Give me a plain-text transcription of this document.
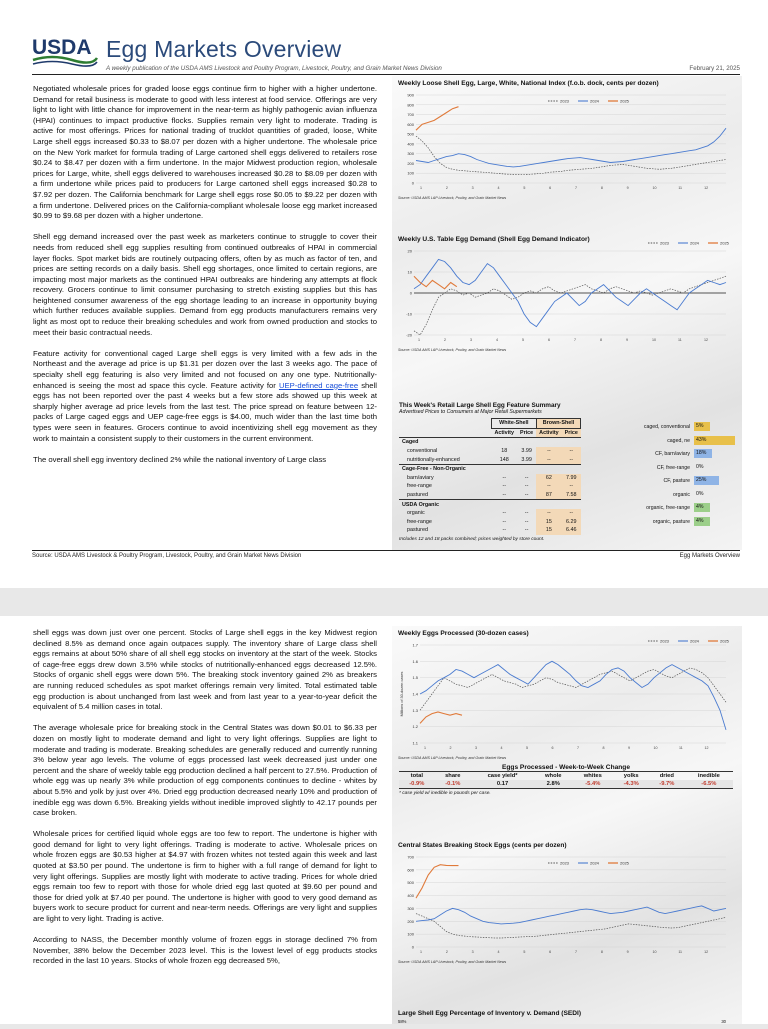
USDA Egg Markets Overview
A weekly publication of the USDA AMS Livestock and Poultry Program, Livestock, Poultry, and Grain Market News Division	February 21, 2025

Negotiated wholesale prices for graded loose eggs continue firm to higher with a higher undertone. Demand for retail business is moderate to good with less interest at food service. Offerings are very light to light with little chance for improvement in the near-term as highly pathogenic avian influenza (HPAI) continues to impact productive flocks. Supplies remain very light to moderate. Trading is active for most offerings. Prices for national trading of trucklot quantities of graded, loose, White Large shell eggs increased $0.33 to $8.07 per dozen with a higher undertone. The wholesale price on the New York market for formula trading of Large cartoned shell eggs delivered to retailers rose $0.24 to $8.47 per dozen with a firm undertone. In the major Midwest production region, wholesale prices for Large, white, shell eggs delivered to warehouses increased $0.28 to $8.09 per dozen with a firm undertone while prices paid to producers for Large cartoned shell eggs increased $0.28 to $7.92 per dozen. The California benchmark for Large shell eggs rose $0.05 to $9.22 per dozen with a firm undertone. Delivered prices on the California-compliant wholesale loose egg market increased $0.99 to $9.68 per dozen with a higher undertone.

Shell egg demand increased over the past week as marketers continue to struggle to cover their needs from reduced shell egg supplies resulting from continued outbreaks of HPAI in commercial layer flocks. Spot market bids are routinely outpacing offers, often by as much as factor of ten, and prices are setting records on a daily basis. Shell egg shortages, once limited to certain regions, are impacting most major markets as the continued HPAI outbreaks are hindering any attempts at flock recovery. Grocers continue to limit consumer purchasing to stretch existing supplies but this has heightened consumer awareness of the egg shortage leading to an increase in opportunity buying which further reduces available supplies. Demand from egg products manufacturers remains very light as most opt to reduce their breaking schedules and work from owned production and stocks to meet their basic contractual needs.

Feature activity for conventional caged Large shell eggs is very limited with a few ads in the Northeast and the average ad price is up $1.31 per dozen over the last 3 weeks ago. The pace of specialty shell egg featuring is also very limited and not focused on any one type. Nutritionally-enhanced is seeing the most ad space this cycle. Feature activity for UEP-defined cage-free shell eggs has not been reported over the past 4 weeks but a few store ads showed up this week at sharply higher average ad price levels from the last test. The price spread on feature between 12-packs of Large caged eggs and UEP cage-free eggs is $4.00, much wider than the last time both types were seen in features. Grocers continue to avoid incentivizing shell egg movement as they work to maintain a consistent supply to their customers in the current environment.

The overall shell egg inventory declined 2% while the national inventory of Large class

Weekly Loose Shell Egg, Large, White, National Index (f.o.b. dock, cents per dozen)
900
800
700
600
500
400
300
200
100
0
1	2	3	4	5	6	7	8	9	10	11	12
2023	2024	2025
Source: USDA AMS L&P Livestock, Poultry, and Grain Market News
Weekly U.S. Table Egg Demand (Shell Egg Demand Indicator)
20
10
0
-10
-20
1	2	3	4	5	6	7	8	9	10	11	12
2023	2024	2025
Source: USDA AMS L&P Livestock, Poultry, and Grain Market News
This Week's Retail Large Shell Egg Feature Summary
Advertised Prices to Consumers at Major Retail Supermarkets
	White-Shell		Brown-Shell	
	Activity	Price	Activity	Price
Caged				
conventional	18	3.99	--	--
nutritionally-enhanced	148	3.99	--	--
Cage-Free - Non-Organic				
barn/aviary	--	--	62	7.99
free-range	--	--	--	--
pastured	--	--	87	7.58
USDA Organic				
organic	--	--	--	--
free-range	--	--	15	6.29
pastured	--	--	15	6.46
Includes 12 and 18 packs combined; prices weighted by store count.
caged, conventional	5%
caged, ne	43%
CF, barn/aviary	18%
CF, free-range	0%
CF, pasture	25%
organic	0%
organic, free-range	4%
organic, pasture	4%
Source: USDA AMS Livestock & Poultry Program, Livestock, Poultry, and Grain Market News Division	Egg Markets Overview

shell eggs was down just over one percent. Stocks of Large shell eggs in the key Midwest region declined 8.5% as demand once again outpaces supply. The inventory share of Large class shell eggs remains at about 50% share of all shell egg stocks on inventory at the start of the week. Stocks of cage-free eggs drew down 3.5% while stocks of nutritionally-enhanced eggs decreased 12.5%. Stocks of organic shell eggs were down 5%. The breaking stock inventory gained 2% as breakers are running reduced schedules as spot market offerings remain very limited. Total estimated table egg production is about unchanged from last week and from last year to a year-to-year deficit the equivalent of 5.4 million cases in total.

The average wholesale price for breaking stock in the Central States was down $0.01 to $6.33 per dozen on mostly light to moderate demand and light to very light offerings. Supplies are light to moderate and trading is moderate. Breaking schedules are generally reduced and currently running 3% below year ago levels. The volume of eggs processed last week decreased just under one percent and the share of weekly table egg production declined a half percent to 27.5%. Production of whole egg was up nearly 3% while production of egg components continues to decline - whites by about 5.5% and yolk by just over 4%. Dried egg production decreased nearly 10% and production of inedible egg was down 6.5%. Breaking yields without inedible improved slightly to 42.17 pounds per case broken.

Wholesale prices for certified liquid whole eggs are too few to report. The undertone is higher with good demand for light to very light offerings. Trading is moderate to active. Wholesale prices on whole frozen eggs are $0.53 higher at $4.97 with frozen whites not tested again this week and last quoted at $3.50 per pound. The undertone is firm to higher with a full range of demand for light to very light offerings. Supplies are mostly light with moderate to active trading. Prices for whole dried eggs remain too few to report with those for whole dried egg last quoted at $9.60 per pound and those for dried yolk at $7.40 per pound. The undertone is higher with good to very good demand as buyers work to secure product for current and near-term needs. Offerings are very light and supplies are light to very light. Trading is active.

According to NASS, the December monthly volume of frozen eggs in storage declined 7% from November, 38% below the December 2023 level. This is the lowest level of egg products stocks recorded in the last 10 years. Stocks of whole frozen egg decreased 5%,

Weekly Eggs Processed (30-dozen cases)
1.7
1.6
1.5
1.4
1.3
1.2
1.1
1	2	3	4	5	6	7	8	9	10	11	12
2023	2024	2025
Millions of 30-dozen cases
Source: USDA AMS L&P Livestock, Poultry, and Grain Market News
Eggs Processed - Week-to-Week Change
total	share	case yield*	whole	whites	yolks	dried	inedible
-0.9%	-0.1%	0.17	2.8%	-5.4%	-4.3%	-9.7%	-6.5%
* case yield w/ inedible in pounds per case.
Central States Breaking Stock Eggs (cents per dozen)
700
600
500
400
300
200
100
0
1	2	3	4	5	6	7	8	9	10	11	12
2023	2024	2025
Source: USDA AMS L&P Livestock, Poultry, and Grain Market News
Large Shell Egg Percentage of Inventory v. Demand (SEDI)
58%	30
